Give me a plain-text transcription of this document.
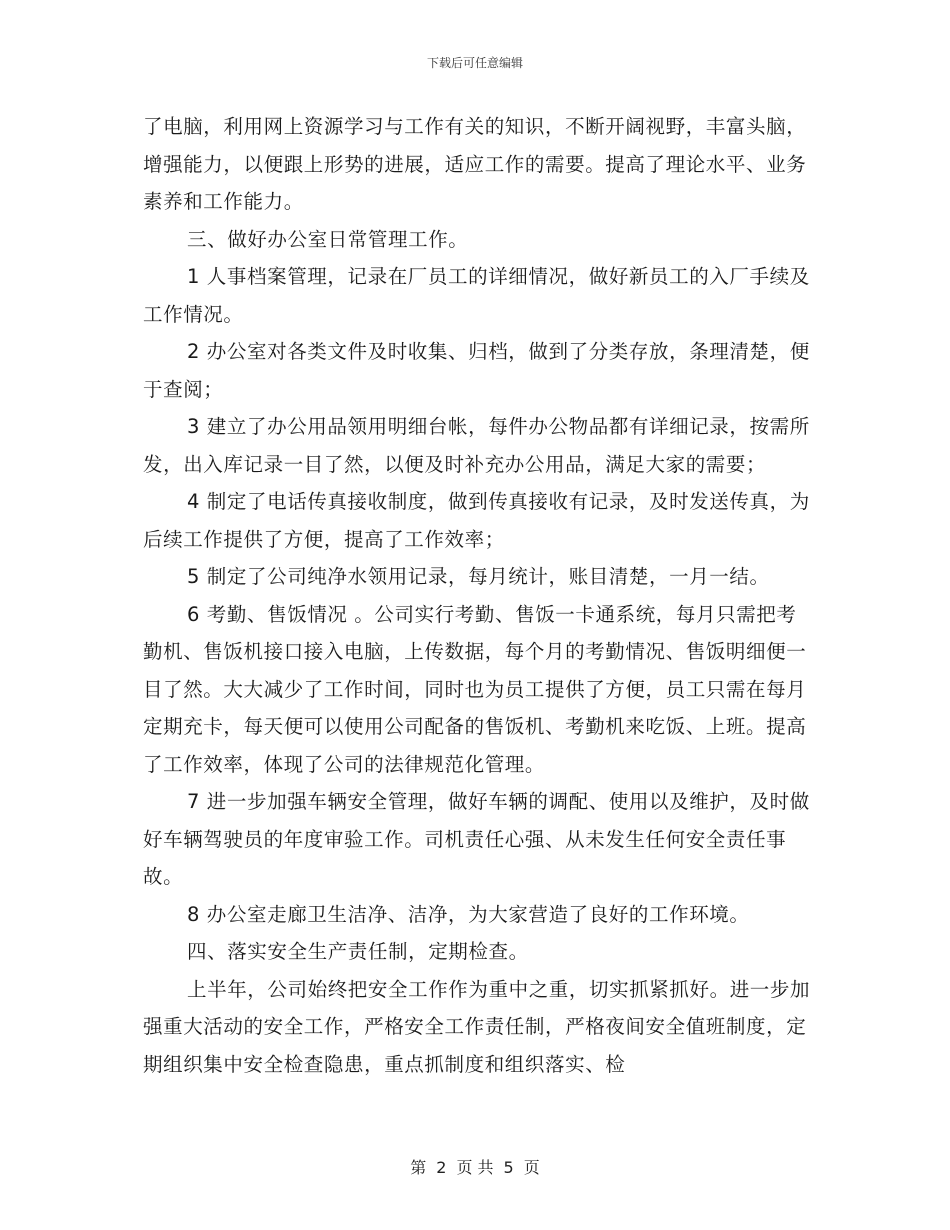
下载后可任意编辑

了电脑，利用网上资源学习与工作有关的知识，不断开阔视野，丰富头脑，增强能力，以便跟上形势的进展，适应工作的需要。提高了理论水平、业务素养和工作能力。

三、做好办公室日常管理工作。

1 人事档案管理，记录在厂员工的详细情况，做好新员工的入厂手续及工作情况。

2 办公室对各类文件及时收集、归档，做到了分类存放，条理清楚，便于查阅；

3 建立了办公用品领用明细台帐，每件办公物品都有详细记录，按需所发，出入库记录一目了然，以便及时补充办公用品，满足大家的需要；

4 制定了电话传真接收制度，做到传真接收有记录，及时发送传真，为后续工作提供了方便，提高了工作效率；

5 制定了公司纯净水领用记录，每月统计，账目清楚，一月一结。

6 考勤、售饭情况 。公司实行考勤、售饭一卡通系统，每月只需把考勤机、售饭机接口接入电脑，上传数据，每个月的考勤情况、售饭明细便一目了然。大大减少了工作时间，同时也为员工提供了方便，员工只需在每月定期充卡，每天便可以使用公司配备的售饭机、考勤机来吃饭、上班。提高了工作效率，体现了公司的法律规范化管理。

7 进一步加强车辆安全管理，做好车辆的调配、使用以及维护，及时做好车辆驾驶员的年度审验工作。司机责任心强、从未发生任何安全责任事故。

8 办公室走廊卫生洁净、洁净，为大家营造了良好的工作环境。

四、落实安全生产责任制，定期检查。

上半年，公司始终把安全工作作为重中之重，切实抓紧抓好。进一步加强重大活动的安全工作，严格安全工作责任制，严格夜间安全值班制度，定期组织集中安全检查隐患，重点抓制度和组织落实、检

第 2 页 共 5 页
